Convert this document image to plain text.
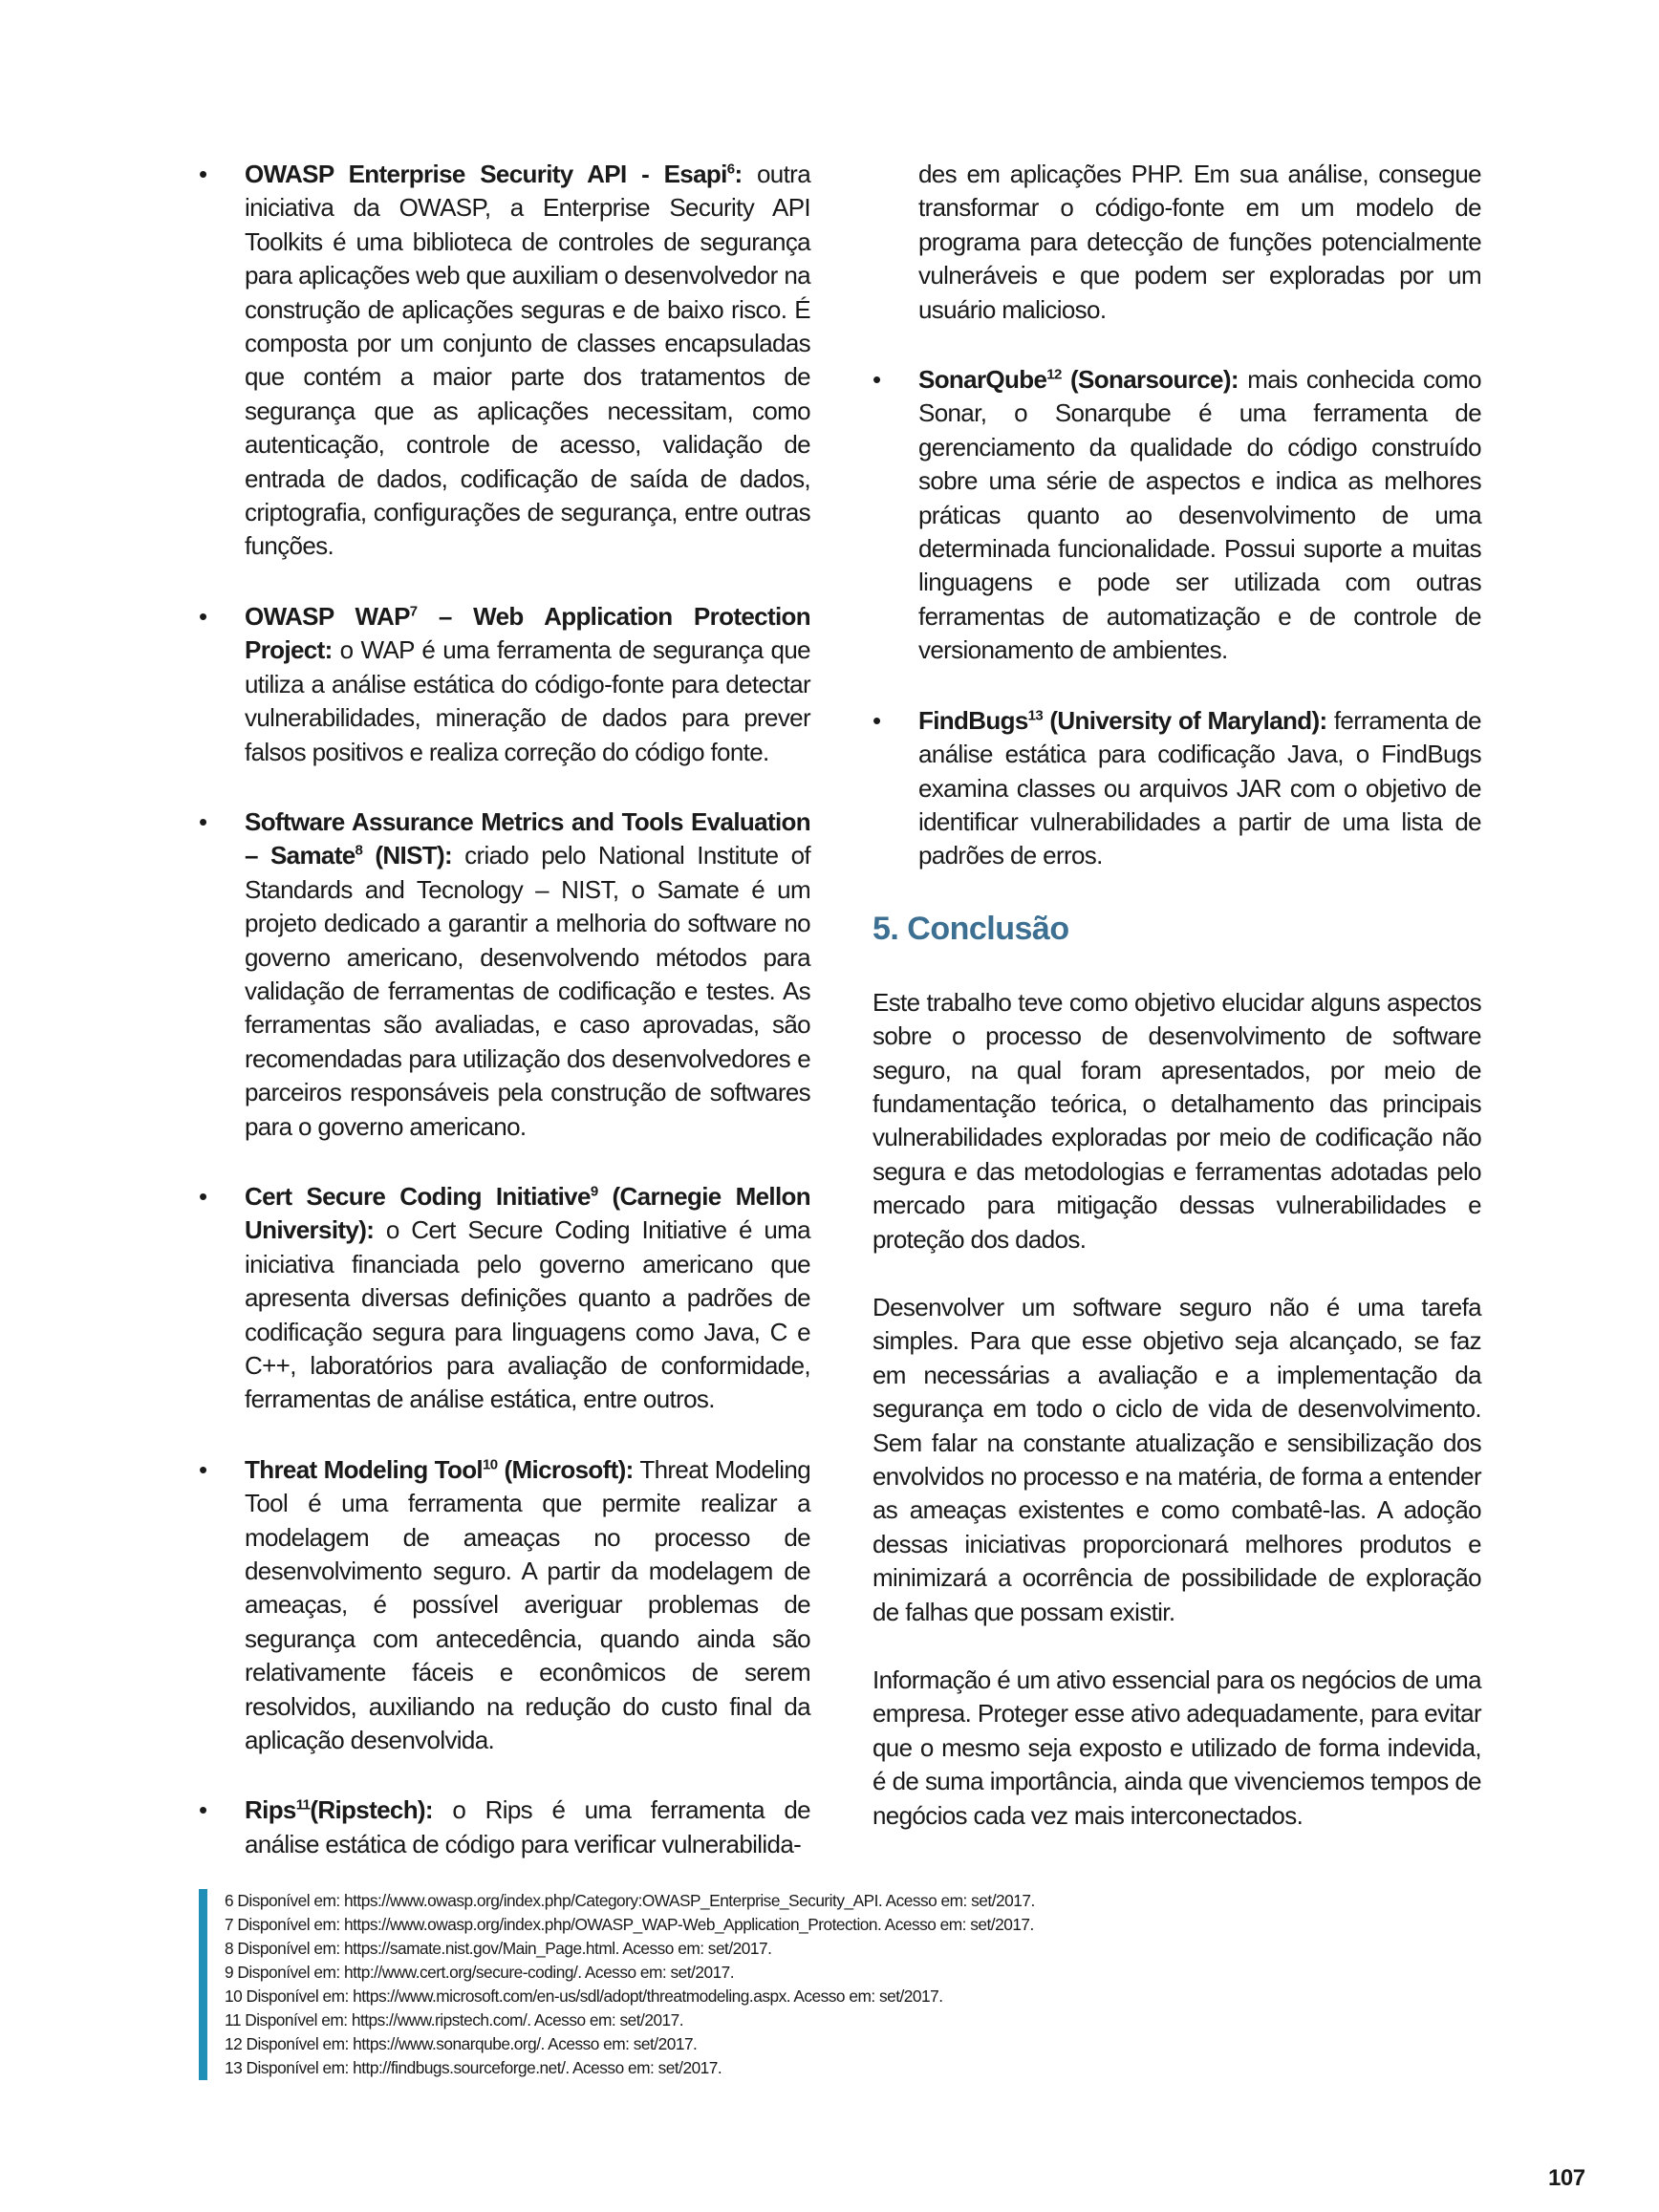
• OWASP Enterprise Security API - Esapi$^6$: outra iniciativa da OWASP, a Enterprise Security API Toolkits é uma biblioteca de controles de segurança para aplicações web que auxiliam o desenvolvedor na construção de aplicações seguras e de baixo risco. É composta por um conjunto de classes encapsuladas que contém a maior parte dos tratamentos de segurança que as aplicações necessitam, como autenticação, controle de acesso, validação de entrada de dados, codificação de saída de dados, criptografia, configurações de segurança, entre outras funções.
• OWASP WAP$^7$ – Web Application Protection Project: o WAP é uma ferramenta de segurança que utiliza a análise estática do código-fonte para detectar vulnerabilidades, mineração de dados para prever falsos positivos e realiza correção do código fonte.
• Software Assurance Metrics and Tools Evaluation – Samate$^8$ (NIST): criado pelo National Institute of Standards and Tecnology – NIST, o Samate é um projeto dedicado a garantir a melhoria do software no governo americano, desenvolvendo métodos para validação de ferramentas de codificação e testes. As ferramentas são avaliadas, e caso aprovadas, são recomendadas para utilização dos desenvolvedores e parceiros responsáveis pela construção de softwares para o governo americano.
• Cert Secure Coding Initiative$^9$ (Carnegie Mellon University): o Cert Secure Coding Initiative é uma iniciativa financiada pelo governo americano que apresenta diversas definições quanto a padrões de codificação segura para linguagens como Java, C e C++, laboratórios para avaliação de conformidade, ferramentas de análise estática, entre outros.
• Threat Modeling Tool$^{10}$ (Microsoft): Threat Modeling Tool é uma ferramenta que permite realizar a modelagem de ameaças no processo de desenvolvimento seguro. A partir da modelagem de ameaças, é possível averiguar problemas de segurança com antecedência, quando ainda são relativamente fáceis e econômicos de serem resolvidos, auxiliando na redução do custo final da aplicação desenvolvida.
• Rips$^{11}$(Ripstech): o Rips é uma ferramenta de análise estática de código para verificar vulnerabilida-

des em aplicações PHP. Em sua análise, consegue transformar o código-fonte em um modelo de programa para detecção de funções potencialmente vulneráveis e que podem ser exploradas por um usuário malicioso.

• SonarQube$^{12}$ (Sonarsource): mais conhecida como Sonar, o Sonarqube é uma ferramenta de gerenciamento da qualidade do código construído sobre uma série de aspectos e indica as melhores práticas quanto ao desenvolvimento de uma determinada funcionalidade. Possui suporte a muitas linguagens e pode ser utilizada com outras ferramentas de automatização e de controle de versionamento de ambientes.
• FindBugs$^{13}$ (University of Maryland): ferramenta de análise estática para codificação Java, o FindBugs examina classes ou arquivos JAR com o objetivo de identificar vulnerabilidades a partir de uma lista de padrões de erros.
5. Conclusão

Este trabalho teve como objetivo elucidar alguns aspectos sobre o processo de desenvolvimento de software seguro, na qual foram apresentados, por meio de fundamentação teórica, o detalhamento das principais vulnerabilidades exploradas por meio de codificação não segura e das metodologias e ferramentas adotadas pelo mercado para mitigação dessas vulnerabilidades e proteção dos dados.

Desenvolver um software seguro não é uma tarefa simples. Para que esse objetivo seja alcançado, se faz em necessárias a avaliação e a implementação da segurança em todo o ciclo de vida de desenvolvimento. Sem falar na constante atualização e sensibilização dos envolvidos no processo e na matéria, de forma a entender as ameaças existentes e como combatê-las. A adoção dessas iniciativas proporcionará melhores produtos e minimizará a ocorrência de possibilidade de exploração de falhas que possam existir.

Informação é um ativo essencial para os negócios de uma empresa. Proteger esse ativo adequadamente, para evitar que o mesmo seja exposto e utilizado de forma indevida, é de suma importância, ainda que vivenciemos tempos de negócios cada vez mais interconectados.

6 Disponível em: https://www.owasp.org/index.php/Category:OWASP_Enterprise_Security_API. Acesso em: set/2017.

7 Disponível em: https://www.owasp.org/index.php/OWASP_WAP-Web_Application_Protection. Acesso em: set/2017.

8 Disponível em: https://samate.nist.gov/Main_Page.html. Acesso em: set/2017.

9 Disponível em: http://www.cert.org/secure-coding/. Acesso em: set/2017.

10 Disponível em: https://www.microsoft.com/en-us/sdl/adopt/threatmodeling.aspx. Acesso em: set/2017.

11 Disponível em: https://www.ripstech.com/. Acesso em: set/2017.

12 Disponível em: https://www.sonarqube.org/. Acesso em: set/2017.

13 Disponível em: http://findbugs.sourceforge.net/. Acesso em: set/2017.

107
